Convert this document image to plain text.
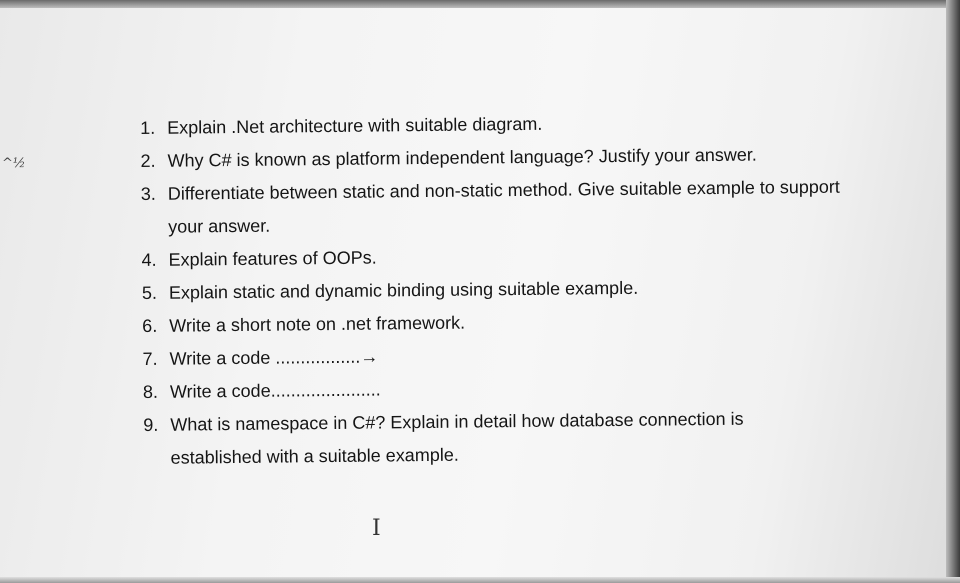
^½
1. Explain .Net architecture with suitable diagram.
2. Why C# is known as platform independent language? Justify your answer.
3. Differentiate between static and non-static method. Give suitable example to support your answer.
4. Explain features of OOPs.
5. Explain static and dynamic binding using suitable example.
6. Write a short note on .net framework.
7. Write a code .................→
8. Write a code......................
9. What is namespace in C#? Explain in detail how database connection is established with a suitable example.
I
